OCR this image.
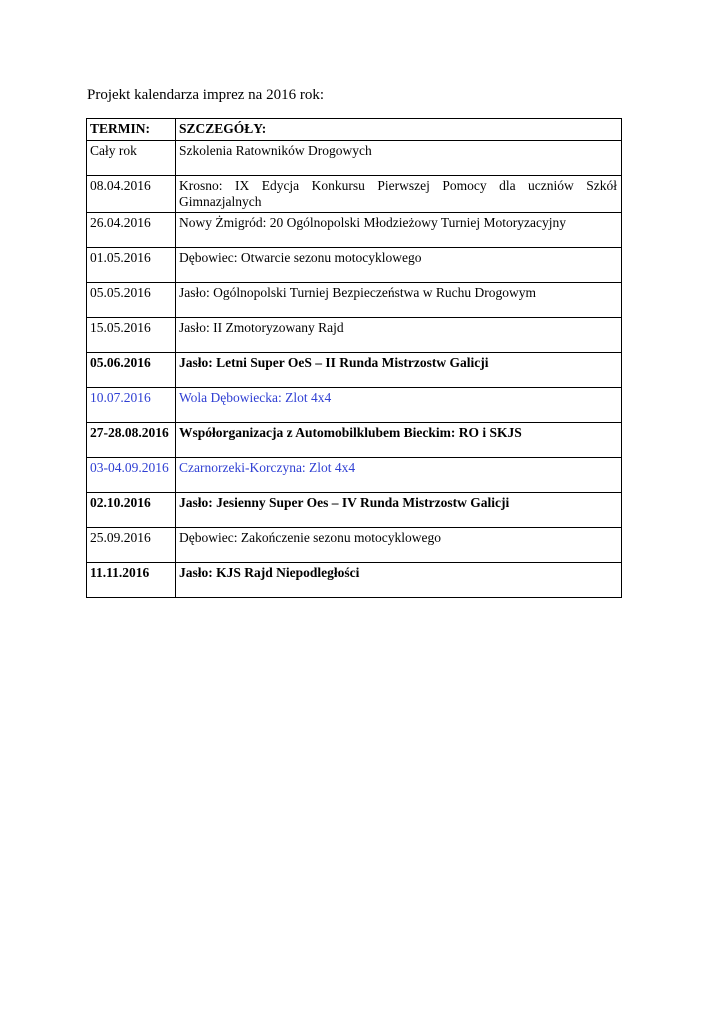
Projekt kalendarza imprez na 2016 rok:
TERMIN:	SZCZEGÓŁY:
Cały rok	Szkolenia Ratowników Drogowych
08.04.2016	Krosno: IX Edycja Konkursu Pierwszej Pomocy dla uczniów Szkół Gimnazjalnych
26.04.2016	Nowy Żmigród: 20 Ogólnopolski Młodzieżowy Turniej Motoryzacyjny
01.05.2016	Dębowiec: Otwarcie sezonu motocyklowego
05.05.2016	Jasło: Ogólnopolski Turniej Bezpieczeństwa w Ruchu Drogowym
15.05.2016	Jasło: II Zmotoryzowany Rajd
05.06.2016	Jasło: Letni Super OeS – II Runda Mistrzostw Galicji
10.07.2016	Wola Dębowiecka: Zlot 4x4
27-28.08.2016	Współorganizacja z Automobilklubem Bieckim: RO i SKJS
03-04.09.2016	Czarnorzeki-Korczyna: Zlot 4x4
02.10.2016	Jasło: Jesienny Super Oes – IV Runda Mistrzostw Galicji
25.09.2016	Dębowiec: Zakończenie sezonu motocyklowego
11.11.2016	Jasło: KJS Rajd Niepodległości
